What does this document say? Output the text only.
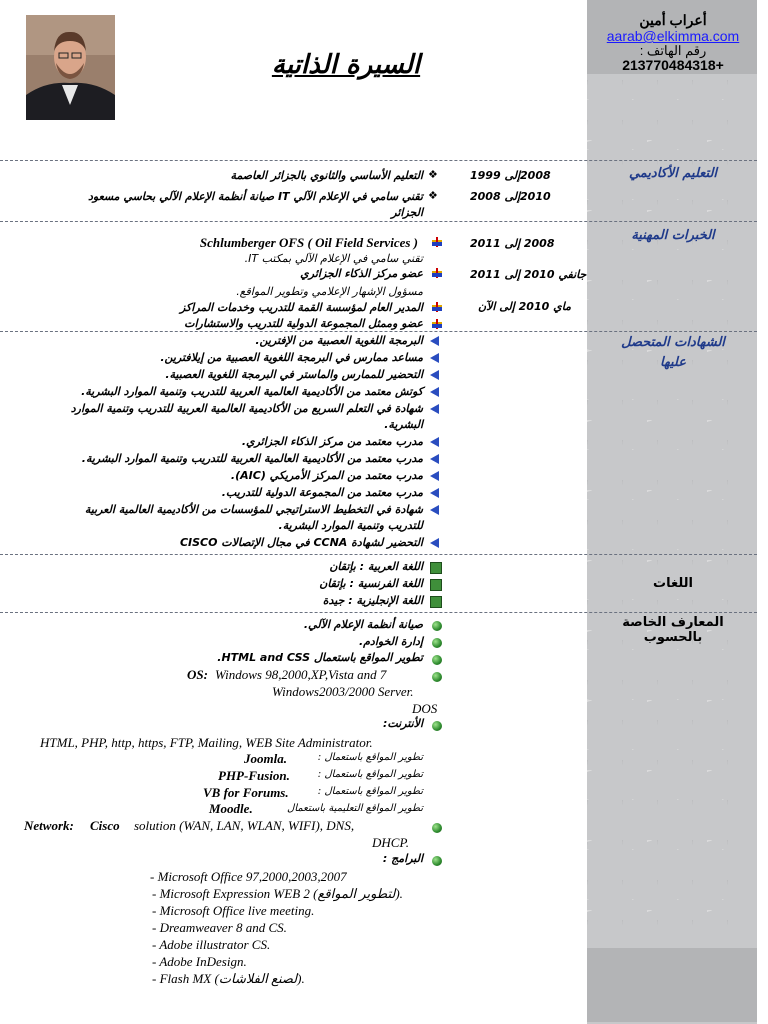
السيرة الذاتية
أعراب أمين
aarab@elkimma.com
رقم الهاتف :
+213770484318
التعليم الأكاديمي
الخبرات المهنية
الشهادات المتحصل عليها
اللغات
المعارف الخاصة بالحسوب
2008إلى 1999
❖
التعليم الأساسي والثانوي بالجزائر العاصمة
2010إلى 2008
❖
تقني سامي في الإعلام الآلي IT صيانة أنظمة الإعلام الآلي بحاسي مسعود
الجزائر
2008 إلى 2011
Schlumberger OFS ( Oil Field Services )
تقني سامي في الإعلام الآلي بمكتب IT.
جانفي 2010 إلى 2011
عضو مركز الذكاء الجزائري
مسؤول الإشهار الإعلامي وتطوير المواقع.
ماي 2010 إلى الآن
المدير العام لمؤسسة القمة للتدريب وخدمات المراكز
عضو وممثل المجموعة الدولية للتدريب والاستشارات
البرمجة اللغوية العصبية من الإفترين.
مساعد ممارس في البرمجة اللغوية العصبية من إيلافترين.
التحضير للممارس والماستر في البرمجة اللغوية العصبية.
كوتش معتمد من الأكاديمية العالمية العربية للتدريب وتنمية الموارد البشرية.
شهادة في التعلم السريع من الأكاديمية العالمية العربية للتدريب وتنمية الموارد
البشرية.
مدرب معتمد من مركز الذكاء الجزائري.
مدرب معتمد من الأكاديمية العالمية العربية للتدريب وتنمية الموارد البشرية.
مدرب معتمد من المركز الأمريكي (AIC).
مدرب معتمد من المجموعة الدولية للتدريب.
شهادة في التخطيط الاستراتيجي للمؤسسات من الأكاديمية العالمية العربية
للتدريب وتنمية الموارد البشرية.
التحضير لشهادة CCNA في مجال الإتصالات CISCO
اللغة العربية : بإتقان
اللغة الفرنسية : بإتقان
اللغة الإنجليزية : جيدة
صيانة أنظمة الإعلام الآلي.
إدارة الخوادم.
تطوير المواقع باستعمال HTML and CSS.
OS: Windows 98,2000,XP,Vista and 7
Windows2003/2000 Server.
DOS
الأنترنت:
HTML, PHP, http, https, FTP, Mailing, WEB Site Administrator.
تطوير المواقع باستعمال :
Joomla.
تطوير المواقع باستعمال :
PHP-Fusion.
تطوير المواقع باستعمال :
VB for Forums.
تطوير المواقع التعليمية باستعمال
Moodle.
Network: Cisco solution (WAN, LAN, WLAN, WIFI), DNS,
DHCP.
البرامج :
- Microsoft Office 97,2000,2003,2007
- Microsoft Expression WEB 2 (لتطوير المواقع).
- Microsoft Office live meeting.
- Dreamweaver 8 and CS.
- Adobe illustrator CS.
- Adobe InDesign.
- Flash MX (لصنع الفلاشات).
